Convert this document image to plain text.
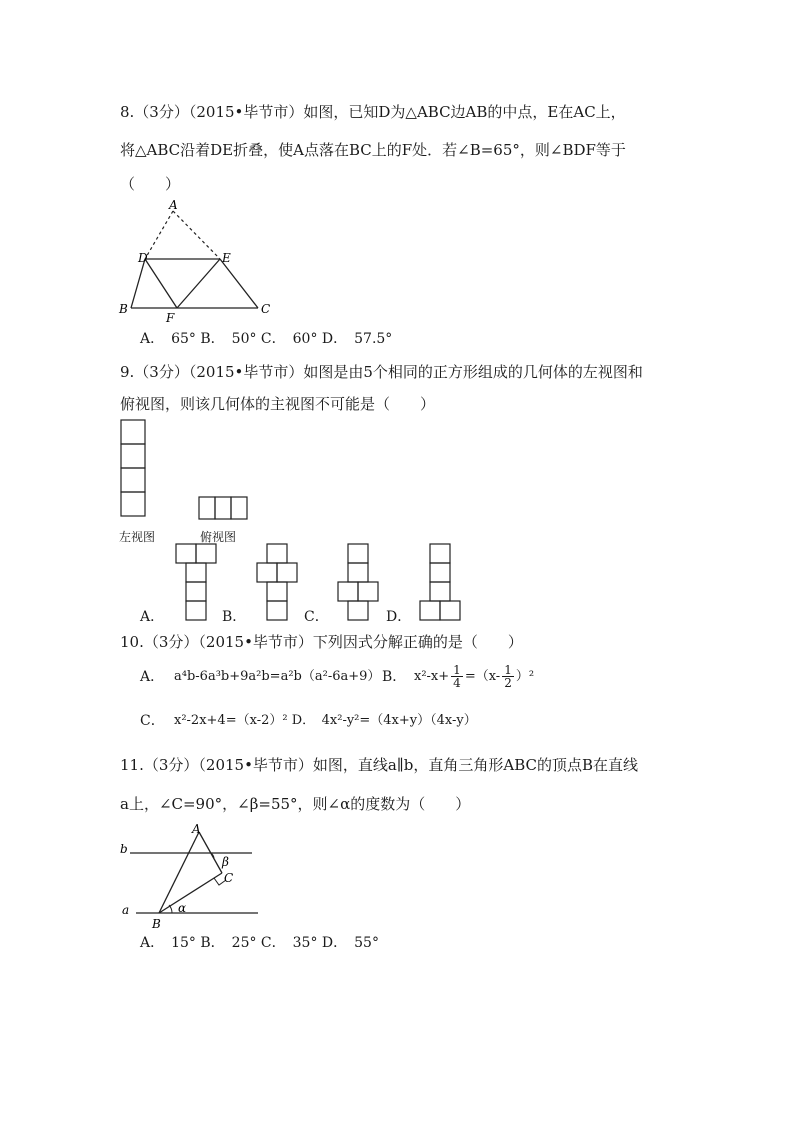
8.（3分）（2015•毕节市）如图，已知D为△ABC边AB的中点，E在AC上，
将△ABC沿着DE折叠，使A点落在BC上的F处．若∠B=65°，则∠BDF等于
（　　）
A
D	E
B	C
F
A．　65° B．　50° C．　60° D．　57.5°
9.（3分）（2015•毕节市）如图是由5个相同的正方形组成的几何体的左视图和
俯视图，则该几何体的主视图不可能是（　　）
左视图	俯视图
A．	B．	C．	D．
10.（3分）（2015•毕节市）下列因式分解正确的是（　　）
A． a⁴b-6a³b+9a²b=a²b（a²-6a+9） B． $x^2-x+ \frac{1}{4} =(x- \frac{1}{2} )^2$
C． x²-2x+4=（x-2）² D．　4x²-y²=（4x+y）（4x-y）
11.（3分）（2015•毕节市）如图，直线a∥b，直角三角形ABC的顶点B在直线
a上，∠C=90°，∠β=55°，则∠α的度数为（　　）
A
b
a
β
C
α
B
A．　15° B．　25° C．　35° D．　55°
